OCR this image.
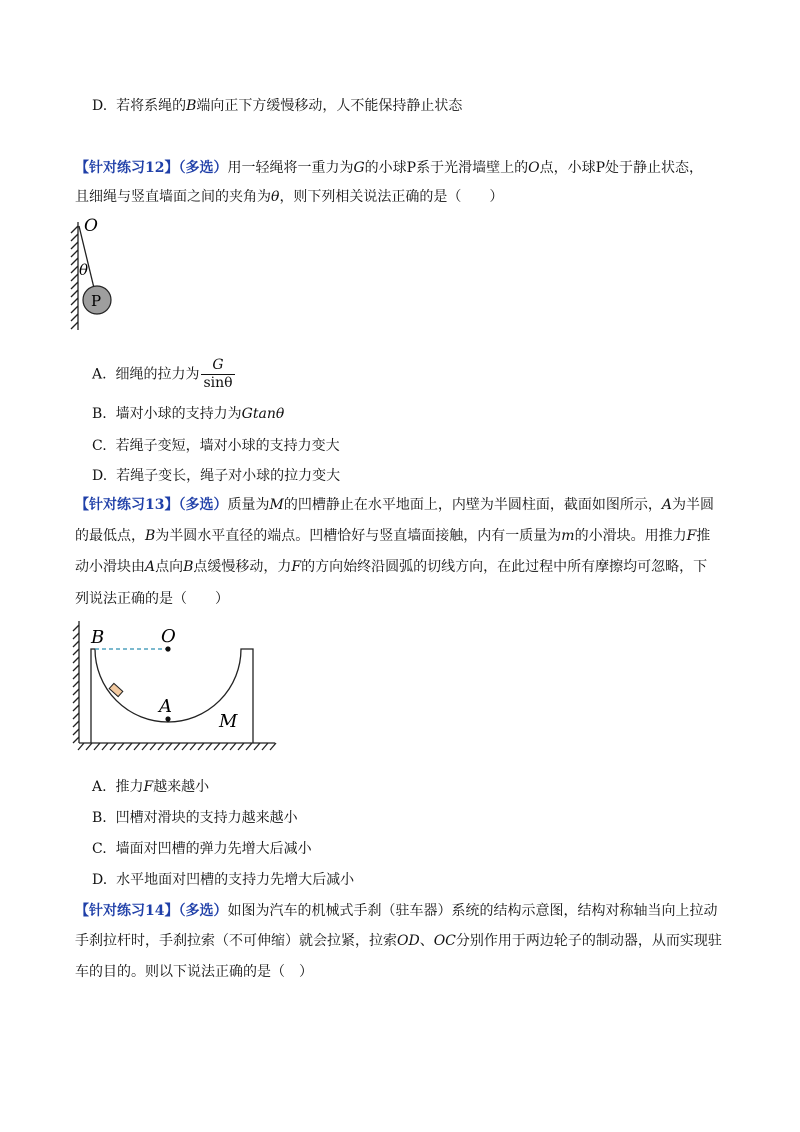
D. 若将系绳的B端向正下方缓慢移动，人不能保持静止状态
【针对练习12】（多选）用一轻绳将一重力为G的小球P系于光滑墙壁上的O点，小球P处于静止状态，
且细绳与竖直墙面之间的夹角为θ，则下列相关说法正确的是（　　）
O
θ
P
A. 细绳的拉力为 $\frac{G}{\sin\theta}$
B. 墙对小球的支持力为Gtanθ
C. 若绳子变短，墙对小球的支持力变大
D. 若绳子变长，绳子对小球的拉力变大
【针对练习13】（多选）质量为M的凹槽静止在水平地面上，内壁为半圆柱面，截面如图所示，A为半圆
的最低点，B为半圆水平直径的端点。凹槽恰好与竖直墙面接触，内有一质量为m的小滑块。用推力F推
动小滑块由A点向B点缓慢移动，力F的方向始终沿圆弧的切线方向，在此过程中所有摩擦均可忽略，下
列说法正确的是（　　）
B	O
A
M
A. 推力F越来越小
B. 凹槽对滑块的支持力越来越小
C. 墙面对凹槽的弹力先增大后减小
D. 水平地面对凹槽的支持力先增大后减小
【针对练习14】（多选）如图为汽车的机械式手刹（驻车器）系统的结构示意图，结构对称轴当向上拉动
手刹拉杆时，手刹拉索（不可伸缩）就会拉紧，拉索OD、OC分别作用于两边轮子的制动器，从而实现驻
车的目的。则以下说法正确的是（　）
